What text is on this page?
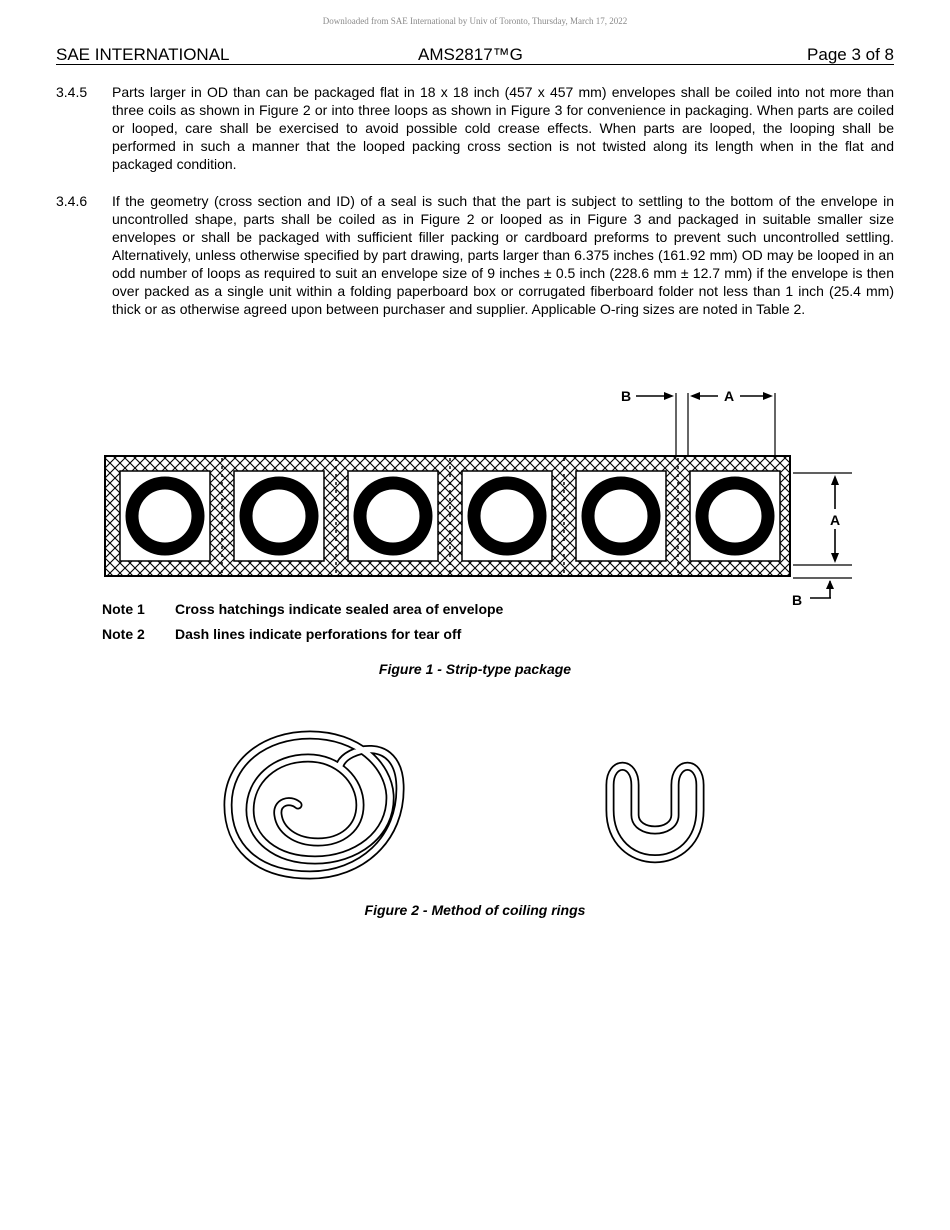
Downloaded from SAE International by Univ of Toronto, Thursday, March 17, 2022
SAE INTERNATIONAL	AMS2817™G	Page 3 of 8
3.4.5 Parts larger in OD than can be packaged flat in 18 x 18 inch (457 x 457 mm) envelopes shall be coiled into not more than three coils as shown in Figure 2 or into three loops as shown in Figure 3 for convenience in packaging. When parts are coiled or looped, care shall be exercised to avoid possible cold crease effects. When parts are looped, the looping shall be performed in such a manner that the looped packing cross section is not twisted along its length when in the flat and packaged condition.
3.4.6 If the geometry (cross section and ID) of a seal is such that the part is subject to settling to the bottom of the envelope in uncontrolled shape, parts shall be coiled as in Figure 2 or looped as in Figure 3 and packaged in suitable smaller size envelopes or shall be packaged with sufficient filler packing or cardboard preforms to prevent such uncontrolled settling. Alternatively, unless otherwise specified by part drawing, parts larger than 6.375 inches (161.92 mm) OD may be looped in an odd number of loops as required to suit an envelope size of 9 inches ± 0.5 inch (228.6 mm ± 12.7 mm) if the envelope is then over packed as a single unit within a folding paperboard box or corrugated fiberboard folder not less than 1 inch (25.4 mm) thick or as otherwise agreed upon between purchaser and supplier. Applicable O-ring sizes are noted in Table 2.
A
B
A
B
Note 1 Cross hatchings indicate sealed area of envelope
Note 2 Dash lines indicate perforations for tear off
Figure 1 - Strip-type package
Figure 2 - Method of coiling rings
